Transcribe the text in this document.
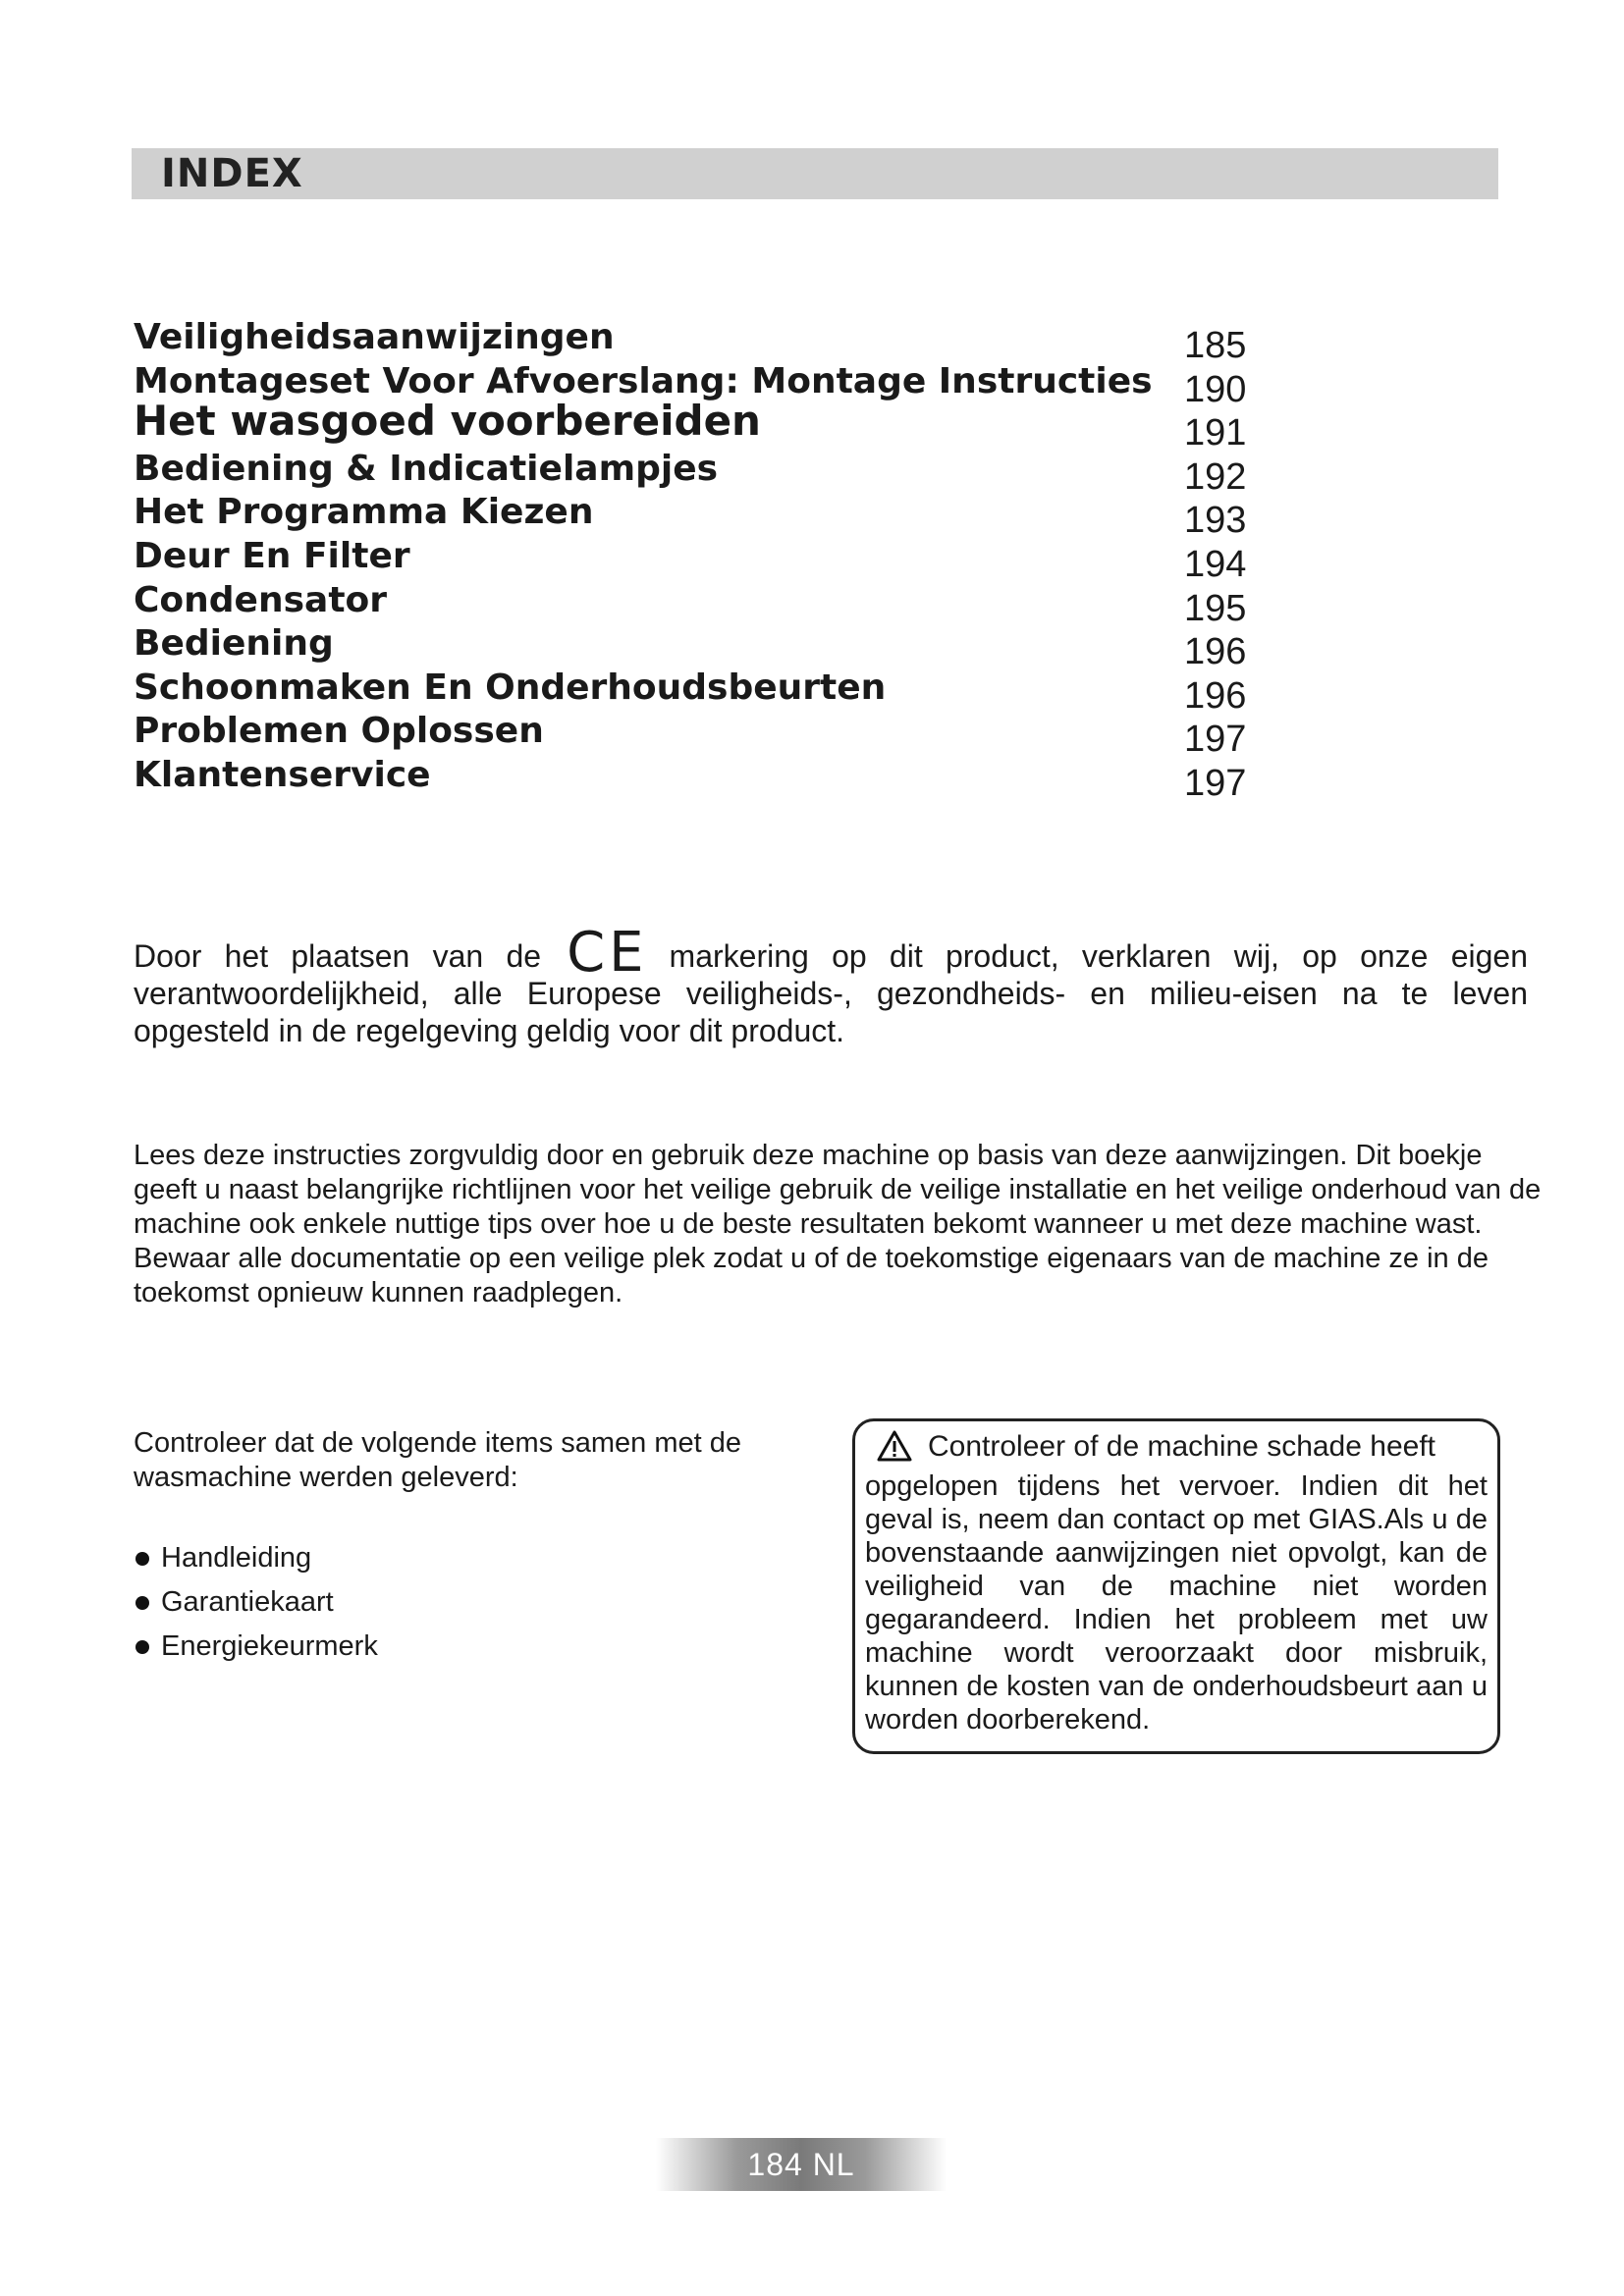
INDEX
Veiligheidsaanwijzingen	185
Montageset Voor Afvoerslang: Montage Instructies 190
Het wasgoed voorbereiden	191
Bediening & Indicatielampjes	192
Het Programma Kiezen	193
Deur En Filter	194
Condensator	195
Bediening	196
Schoonmaken En Onderhoudsbeurten	196
Problemen Oplossen	197
Klantenservice	197
Door het plaatsen van de CE markering op dit product, verklaren wij, op onze eigen verantwoordelijkheid, alle Europese veiligheids-, gezondheids- en milieu-eisen na te leven opgesteld in de regelgeving geldig voor dit product.

Lees deze instructies zorgvuldig door en gebruik deze machine op basis van deze aanwijzingen. Dit boekje geeft u naast belangrijke richtlijnen voor het veilige gebruik de veilige installatie en het veilige onderhoud van de machine ook enkele nuttige tips over hoe u de beste resultaten bekomt wanneer u met deze machine wast.

Bewaar alle documentatie op een veilige plek zodat u of de toekomstige eigenaars van de machine ze in de toekomst opnieuw kunnen raadplegen.

Controleer dat de volgende items samen met de wasmachine werden geleverd:
Handleiding
Garantiekaart
Energiekeurmerk
Controleer of de machine schade heeft
opgelopen tijdens het vervoer. Indien dit het geval is, neem dan contact op met GIAS.Als u de bovenstaande aanwijzingen niet opvolgt, kan de veiligheid van de machine niet worden gegarandeerd. Indien het probleem met uw machine wordt veroorzaakt door misbruik, kunnen de kosten van de onderhoudsbeurt aan u worden doorberekend.
184 NL
